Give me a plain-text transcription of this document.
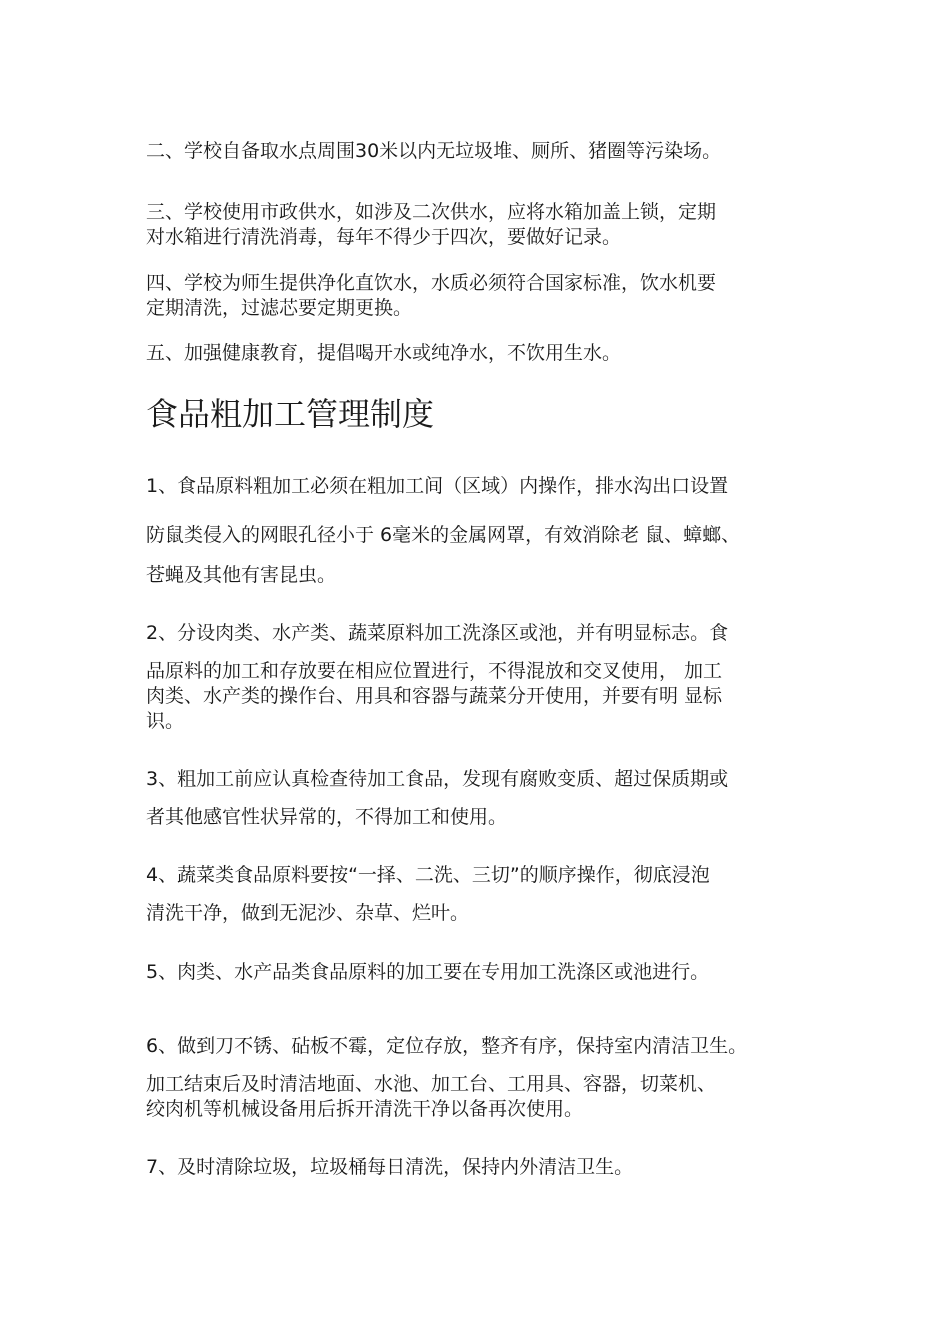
二、学校自备取水点周围30米以内无垃圾堆、厕所、猪圈等污染场。

三、学校使用市政供水，如涉及二次供水，应将水箱加盖上锁，定期
对水箱进行清洗消毒，每年不得少于四次，要做好记录。

四、学校为师生提供净化直饮水，水质必须符合国家标准，饮水机要
定期清洗，过滤芯要定期更换。

五、加强健康教育，提倡喝开水或纯净水，不饮用生水。

食品粗加工管理制度

1、食品原料粗加工必须在粗加工间（区域）内操作，排水沟出口设置

防鼠类侵入的网眼孔径小于 6毫米的金属网罩，有效消除老 鼠、蟑螂、

苍蝇及其他有害昆虫。

2、分设肉类、水产类、蔬菜原料加工洗涤区或池，并有明显标志。食

品原料的加工和存放要在相应位置进行，不得混放和交叉使用， 加工
肉类、水产类的操作台、用具和容器与蔬菜分开使用，并要有明 显标
识。

3、粗加工前应认真检查待加工食品，发现有腐败变质、超过保质期或

者其他感官性状异常的，不得加工和使用。

4、蔬菜类食品原料要按“一择、二洗、三切”的顺序操作，彻底浸泡

清洗干净，做到无泥沙、杂草、烂叶。

5、肉类、水产品类食品原料的加工要在专用加工洗涤区或池进行。

6、做到刀不锈、砧板不霉，定位存放，整齐有序，保持室内清洁卫生。

加工结束后及时清洁地面、水池、加工台、工用具、容器，切菜机、
绞肉机等机械设备用后拆开清洗干净以备再次使用。

7、及时清除垃圾，垃圾桶每日清洗，保持内外清洁卫生。
